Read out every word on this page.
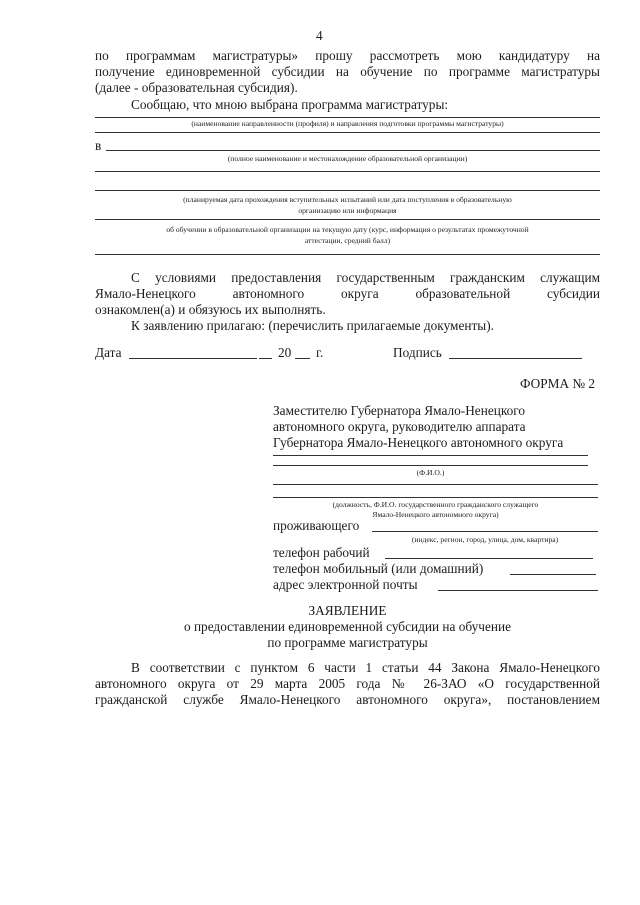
4
по программам магистратуры» прошу рассмотреть мою кандидатуру на
получение единовременной субсидии на обучение по программе магистратуры
(далее - образовательная субсидия).
Сообщаю, что мною выбрана программа магистратуры:
(наименование направленности (профиля) и направления подготовки программы магистратуры)
в
(полное наименование и местонахождение образовательной организации)
(планируемая дата прохождения вступительных испытаний или дата поступления в образовательную
организацию или информация
об обучении в образовательной организации на текущую дату (курс, информация о результатах промежуточной
аттестации, средний балл)
С условиями предоставления государственным гражданским служащим
Ямало-Ненецкого автономного округа образовательной субсидии
ознакомлен(а) и обязуюсь их выполнять.
К заявлению прилагаю: (перечислить прилагаемые документы).
Дата	20 г.	Подпись
ФОРМА № 2
Заместителю Губернатора Ямало-Ненецкого
автономного округа, руководителю аппарата
Губернатора Ямало-Ненецкого автономного округа
(Ф.И.О.)
(должность, Ф.И.О. государственного гражданского служащего
Ямало-Ненецкого автономного округа)
проживающего
(индекс, регион, город, улица, дом, квартира)
телефон рабочий
телефон мобильный (или домашний)
адрес электронной почты
ЗАЯВЛЕНИЕ
о предоставлении единовременной субсидии на обучение
по программе магистратуры
В соответствии с пунктом 6 части 1 статьи 44 Закона Ямало-Ненецкого
автономного округа от 29 марта 2005 года № 26-ЗАО «О государственной
гражданской службе Ямало-Ненецкого автономного округа», постановлением
